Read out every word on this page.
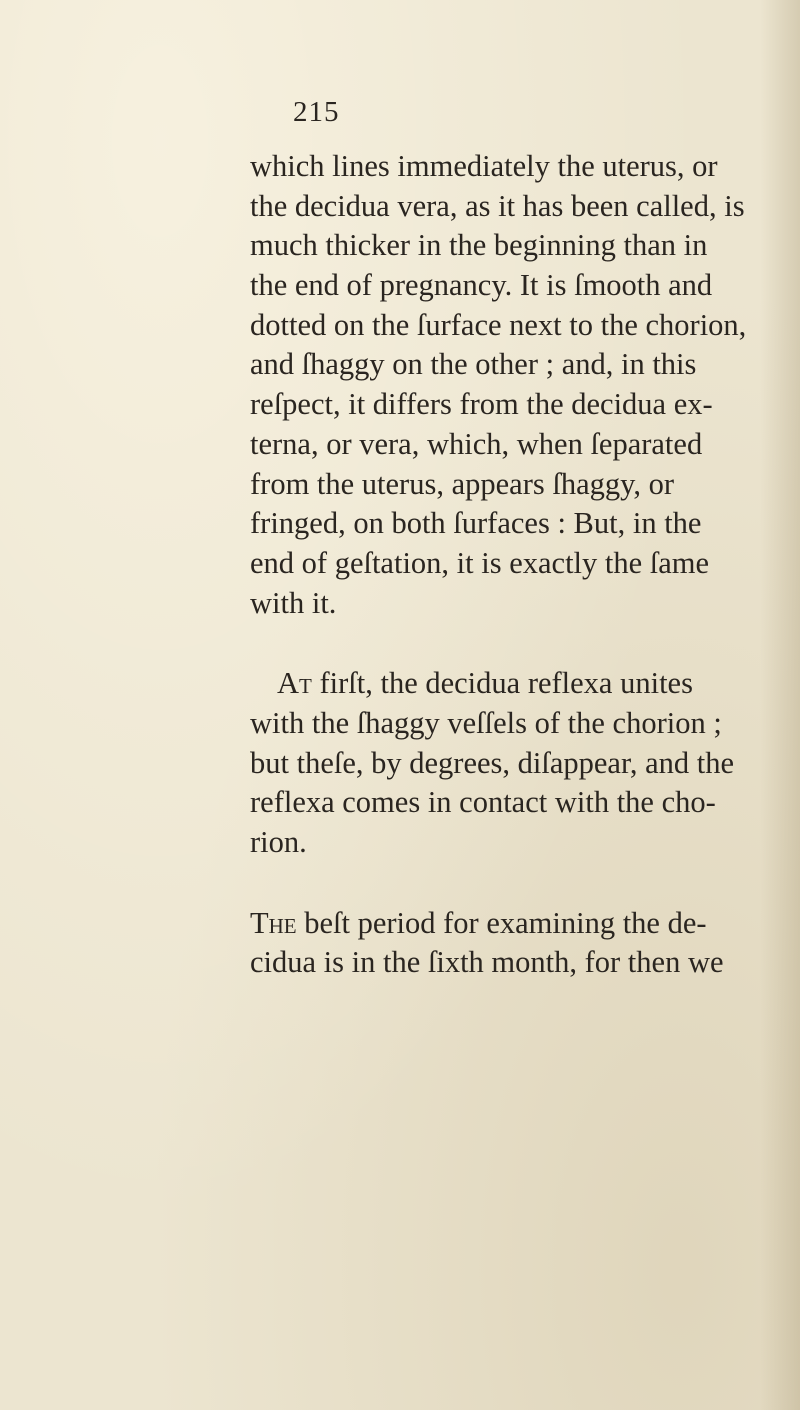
215
which lines immediately the uterus, or
the decidua vera, as it has been called, is
much thicker in the beginning than in
the end of pregnancy. It is ſmooth and
dotted on the ſurface next to the chorion,
and ſhaggy on the other ; and, in this
reſpect, it differs from the decidua ex-
terna, or vera, which, when ſeparated
from the uterus, appears ſhaggy, or
fringed, on both ſurfaces : But, in the
end of geſtation, it is exactly the ſame
with it.
At firſt, the decidua reflexa unites
with the ſhaggy veſſels of the chorion ;
but theſe, by degrees, diſappear, and the
reflexa comes in contact with the cho-
rion.
The beſt period for examining the de-
cidua is in the ſixth month, for then we
